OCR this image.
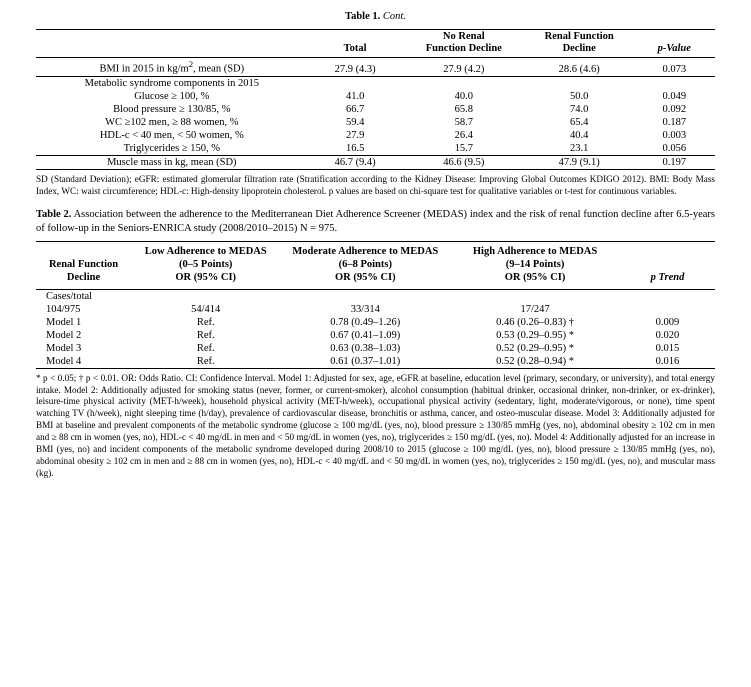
Table 1. Cont.

	Total	No Renal
Function Decline	Renal Function
Decline	p-Value
BMI in 2015 in $kg/m^2$, mean (SD)	27.9 (4.3)	27.9 (4.2)	28.6 (4.6)	0.073
Metabolic syndrome components in 2015				
Glucose ≥ 100, %	41.0	40.0	50.0	0.049
Blood pressure ≥ 130/85, %	66.7	65.8	74.0	0.092
WC ≥102 men, ≥ 88 women, %	59.4	58.7	65.4	0.187
HDL-c < 40 men, < 50 women, %	27.9	26.4	40.4	0.003
Triglycerides ≥ 150, %	16.5	15.7	23.1	0.056
Muscle mass in kg, mean (SD)	46.7 (9.4)	46.6 (9.5)	47.9 (9.1)	0.197

SD (Standard Deviation); eGFR: estimated glomerular filtration rate (Stratification according to the Kidney Disease: Improving Global Outcomes KDIGO 2012). BMI: Body Mass Index, WC: waist circumference; HDL-c: High-density lipoprotein cholesterol. p values are based on chi-square test for qualitative variables or t-test for continuous variables.

Table 2. Association between the adherence to the Mediterranean Diet Adherence Screener (MEDAS) index and the risk of renal function decline after 6.5-years of follow-up in the Seniors-ENRICA study (2008/2010–2015) N = 975.

Renal Function
Decline	Low Adherence to MEDAS
(0–5 Points)
OR (95% CI)	Moderate Adherence to MEDAS
(6–8 Points)
OR (95% CI)	High Adherence to MEDAS
(9–14 Points)
OR (95% CI)	p Trend
Cases/total				
104/975	54/414	33/314	17/247	
Model 1	Ref.	0.78 (0.49–1.26)	0.46 (0.26–0.83) †	0.009
Model 2	Ref.	0.67 (0.41–1.09)	0.53 (0.29–0.95) *	0.020
Model 3	Ref.	0.63 (0.38–1.03)	0.52 (0.29–0.95) *	0.015
Model 4	Ref.	0.61 (0.37–1.01)	0.52 (0.28–0.94) *	0.016

* p < 0.05; † p < 0.01. OR: Odds Ratio. CI: Confidence Interval. Model 1: Adjusted for sex, age, eGFR at baseline, education level (primary, secondary, or university), and total energy intake. Model 2: Additionally adjusted for smoking status (never, former, or current-smoker), alcohol consumption (habitual drinker, occasional drinker, non-drinker, or ex-drinker), leisure-time physical activity (MET-h/week), household physical activity (MET-h/week), occupational physical activity (sedentary, light, moderate/vigorous, or none), time spent watching TV (h/week), night sleeping time (h/day), prevalence of cardiovascular disease, bronchitis or asthma, cancer, and osteo-muscular disease. Model 3: Additionally adjusted for BMI at baseline and prevalent components of the metabolic syndrome (glucose ≥ 100 mg/dL (yes, no), blood pressure ≥ 130/85 mmHg (yes, no), abdominal obesity ≥ 102 cm in men and ≥ 88 cm in women (yes, no), HDL-c < 40 mg/dL in men and < 50 mg/dL in women (yes, no), triglycerides ≥ 150 mg/dL (yes, no). Model 4: Additionally adjusted for an increase in BMI (yes, no) and incident components of the metabolic syndrome developed during 2008/10 to 2015 (glucose ≥ 100 mg/dL (yes, no), blood pressure ≥ 130/85 mmHg (yes, no), abdominal obesity ≥ 102 cm in men and ≥ 88 cm in women (yes, no), HDL-c < 40 mg/dL and < 50 mg/dL in women (yes, no), triglycerides ≥ 150 mg/dL (yes, no), and muscular mass (kg).
